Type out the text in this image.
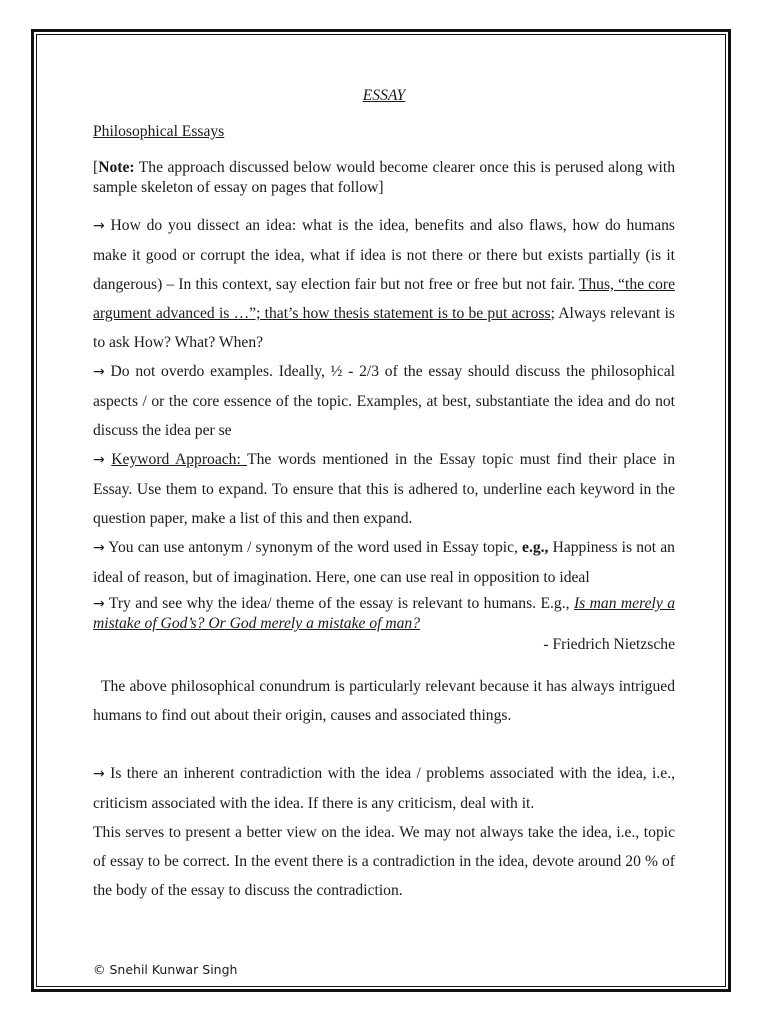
ESSAY
Philosophical Essays

[Note: The approach discussed below would become clearer once this is perused along with sample skeleton of essay on pages that follow]

→ How do you dissect an idea: what is the idea, benefits and also flaws, how do humans make it good or corrupt the idea, what if idea is not there or there but exists partially (is it dangerous) – In this context, say election fair but not free or free but not fair. Thus, “the core argument advanced is …”; that’s how thesis statement is to be put across; Always relevant is to ask How? What? When?

→ Do not overdo examples. Ideally, ½ - 2/3 of the essay should discuss the philosophical aspects / or the core essence of the topic. Examples, at best, substantiate the idea and do not discuss the idea per se

→ Keyword Approach: The words mentioned in the Essay topic must find their place in Essay. Use them to expand. To ensure that this is adhered to, underline each keyword in the question paper, make a list of this and then expand.

→ You can use antonym / synonym of the word used in Essay topic, e.g., Happiness is not an ideal of reason, but of imagination. Here, one can use real in opposition to ideal

→ Try and see why the idea/ theme of the essay is relevant to humans. E.g., Is man merely a mistake of God’s? Or God merely a mistake of man?

- Friedrich Nietzsche

The above philosophical conundrum is particularly relevant because it has always intrigued humans to find out about their origin, causes and associated things.

→ Is there an inherent contradiction with the idea / problems associated with the idea, i.e., criticism associated with the idea. If there is any criticism, deal with it.

This serves to present a better view on the idea. We may not always take the idea, i.e., topic of essay to be correct. In the event there is a contradiction in the idea, devote around 20 % of the body of the essay to discuss the contradiction.

© Snehil Kunwar Singh
